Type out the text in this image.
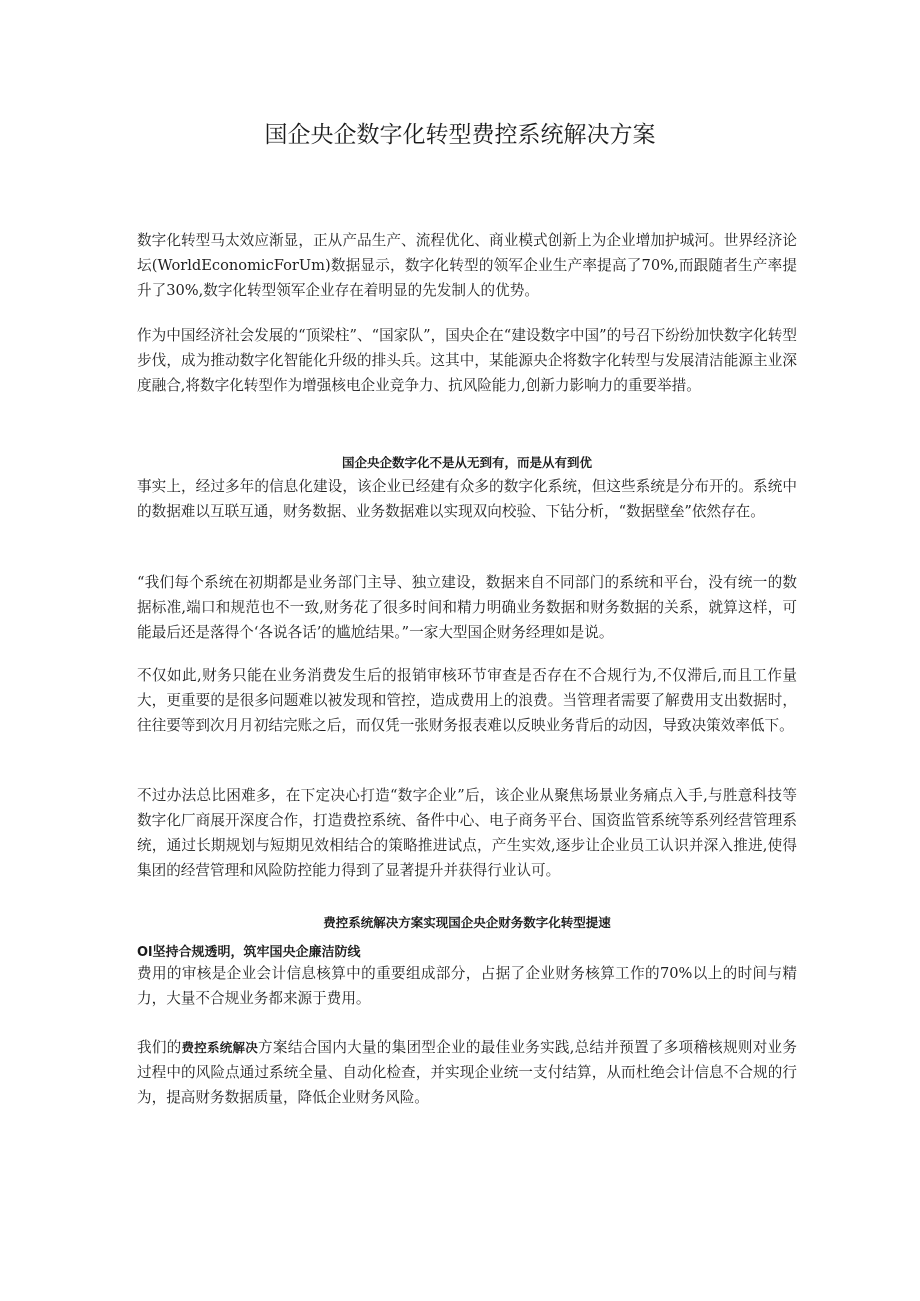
国企央企数字化转型费控系统解决方案
数字化转型马太效应渐显，正从产品生产、流程优化、商业模式创新上为企业增加护城河。世界经济论坛(WorldEconomicForUm)数据显示，数字化转型的领军企业生产率提高了70%,而跟随者生产率提升了30%,数字化转型领军企业存在着明显的先发制人的优势。
作为中国经济社会发展的“顶梁柱”、“国家队”，国央企在“建设数字中国”的号召下纷纷加快数字化转型步伐，成为推动数字化智能化升级的排头兵。这其中，某能源央企将数字化转型与发展清洁能源主业深度融合,将数字化转型作为增强核电企业竞争力、抗风险能力,创新力影响力的重要举措。
国企央企数字化不是从无到有，而是从有到优
事实上，经过多年的信息化建设，该企业已经建有众多的数字化系统，但这些系统是分布开的。系统中的数据难以互联互通，财务数据、业务数据难以实现双向校验、下钻分析，“数据壁垒”依然存在。
“我们每个系统在初期都是业务部门主导、独立建设，数据来自不同部门的系统和平台，没有统一的数据标准,端口和规范也不一致,财务花了很多时间和精力明确业务数据和财务数据的关系，就算这样，可能最后还是落得个‘各说各话’的尴尬结果。”一家大型国企财务经理如是说。
不仅如此,财务只能在业务消费发生后的报销审核环节审查是否存在不合规行为,不仅滞后,而且工作量大，更重要的是很多问题难以被发现和管控，造成费用上的浪费。当管理者需要了解费用支出数据时，往往要等到次月月初结完账之后，而仅凭一张财务报表难以反映业务背后的动因，导致决策效率低下。
不过办法总比困难多，在下定决心打造“数字企业”后，该企业从聚焦场景业务痛点入手,与胜意科技等数字化厂商展开深度合作，打造费控系统、备件中心、电子商务平台、国资监管系统等系列经营管理系统，通过长期规划与短期见效相结合的策略推进试点，产生实效,逐步让企业员工认识并深入推进,使得集团的经营管理和风险防控能力得到了显著提升并获得行业认可。
费控系统解决方案实现国企央企财务数字化转型提速
Ol坚持合规透明，筑牢国央企廉洁防线
费用的审核是企业会计信息核算中的重要组成部分，占据了企业财务核算工作的70%以上的时间与精力，大量不合规业务都来源于费用。
我们的费控系统解决方案结合国内大量的集团型企业的最佳业务实践,总结并预置了多项稽核规则对业务过程中的风险点通过系统全量、自动化检查，并实现企业统一支付结算，从而杜绝会计信息不合规的行为，提高财务数据质量，降低企业财务风险。
